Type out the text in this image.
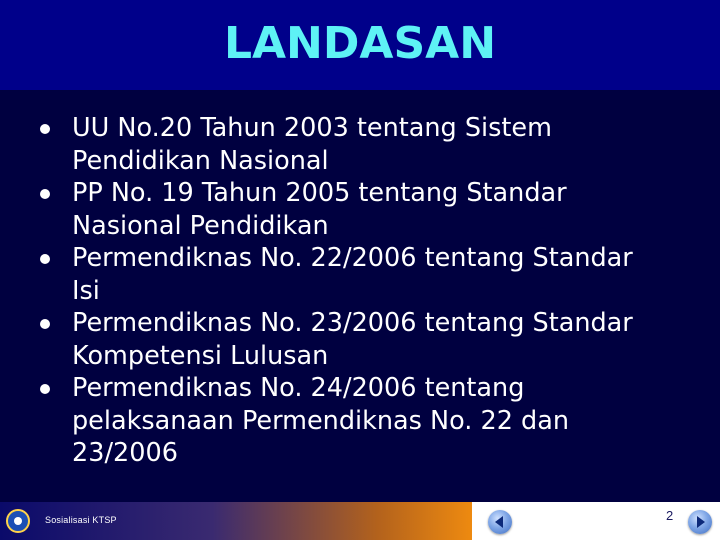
LANDASAN
UU No.20 Tahun 2003 tentang Sistem
Pendidikan Nasional
PP No. 19 Tahun 2005 tentang Standar
Nasional Pendidikan
Permendiknas No. 22/2006 tentang Standar
Isi
Permendiknas No. 23/2006 tentang Standar
Kompetensi Lulusan
Permendiknas No. 24/2006 tentang
pelaksanaan Permendiknas No. 22 dan
23/2006
Sosialisasi KTSP	2
